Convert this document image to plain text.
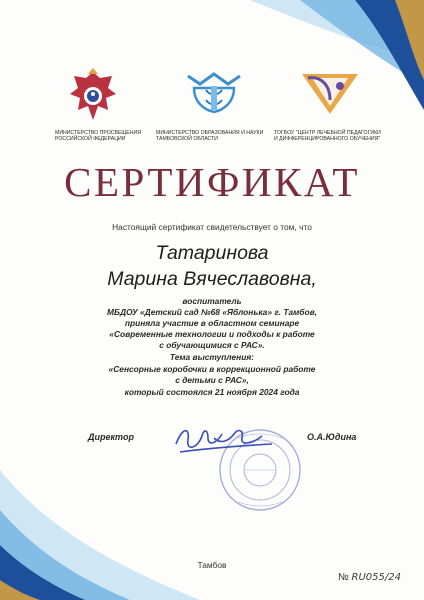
МИНИСТЕРСТВО ПРОСВЕЩЕНИЯ
РОССИЙСКОЙ ФЕДЕРАЦИИ
МИНИСТЕРСТВО ОБРАЗОВАНИЯ И НАУКИ
ТАМБОВСКОЙ ОБЛАСТИ
ТОГБОУ "ЦЕНТР ЛЕЧЕБНОЙ ПЕДАГОГИКИ
И ДИФФЕРЕНЦИРОВАННОГО ОБУЧЕНИЯ"
СЕРТИФИКАТ
Настоящий сертификат свидетельствует о том, что
Татаринова
Марина Вячеславовна,
воспитатель
МБДОУ «Детский сад №68 «Яблонька» г. Тамбов,
приняла участие в областном семинаре
«Современные технологии и подходы к работе
с обучающимися с РАС».
Тема выступления:
«Сенсорные коробочки в коррекционной работе
с детьми с РАС»,
который состоялся 21 ноября 2024 года
Директор	О.А.Юдина
Тамбов
№ RU055/24
